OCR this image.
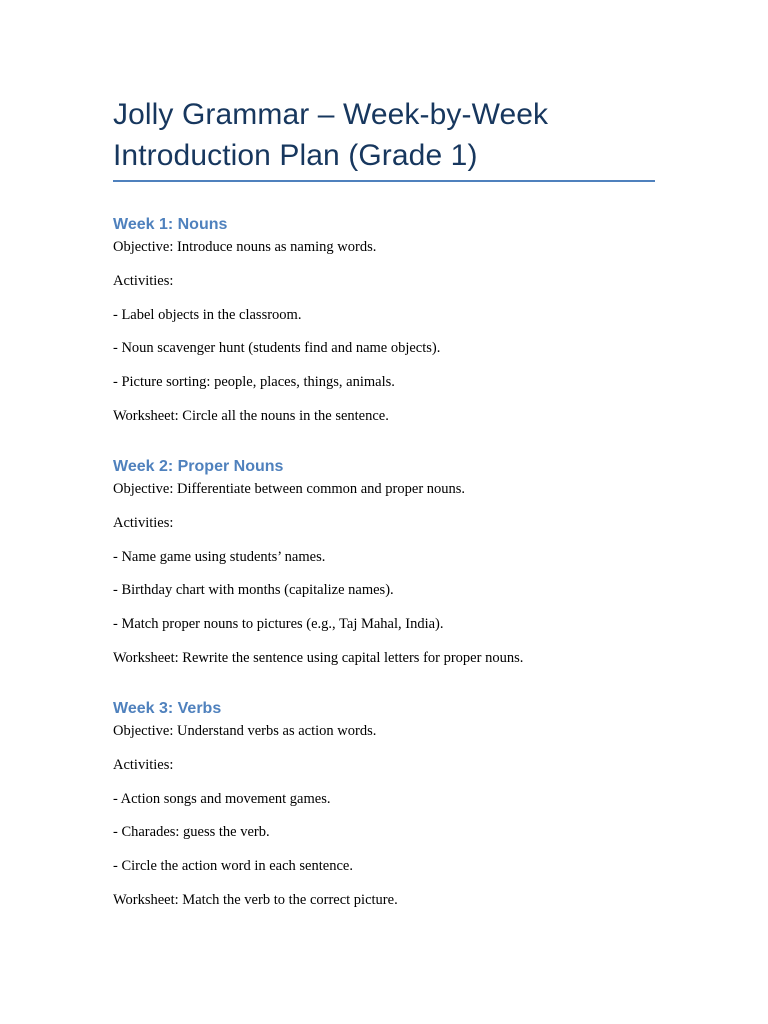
Jolly Grammar – Week-by-Week
Introduction Plan (Grade 1)
Week 1: Nouns
Objective: Introduce nouns as naming words.
Activities:
- Label objects in the classroom.
- Noun scavenger hunt (students find and name objects).
- Picture sorting: people, places, things, animals.
Worksheet: Circle all the nouns in the sentence.
Week 2: Proper Nouns
Objective: Differentiate between common and proper nouns.
Activities:
- Name game using students’ names.
- Birthday chart with months (capitalize names).
- Match proper nouns to pictures (e.g., Taj Mahal, India).
Worksheet: Rewrite the sentence using capital letters for proper nouns.
Week 3: Verbs
Objective: Understand verbs as action words.
Activities:
- Action songs and movement games.
- Charades: guess the verb.
- Circle the action word in each sentence.
Worksheet: Match the verb to the correct picture.
